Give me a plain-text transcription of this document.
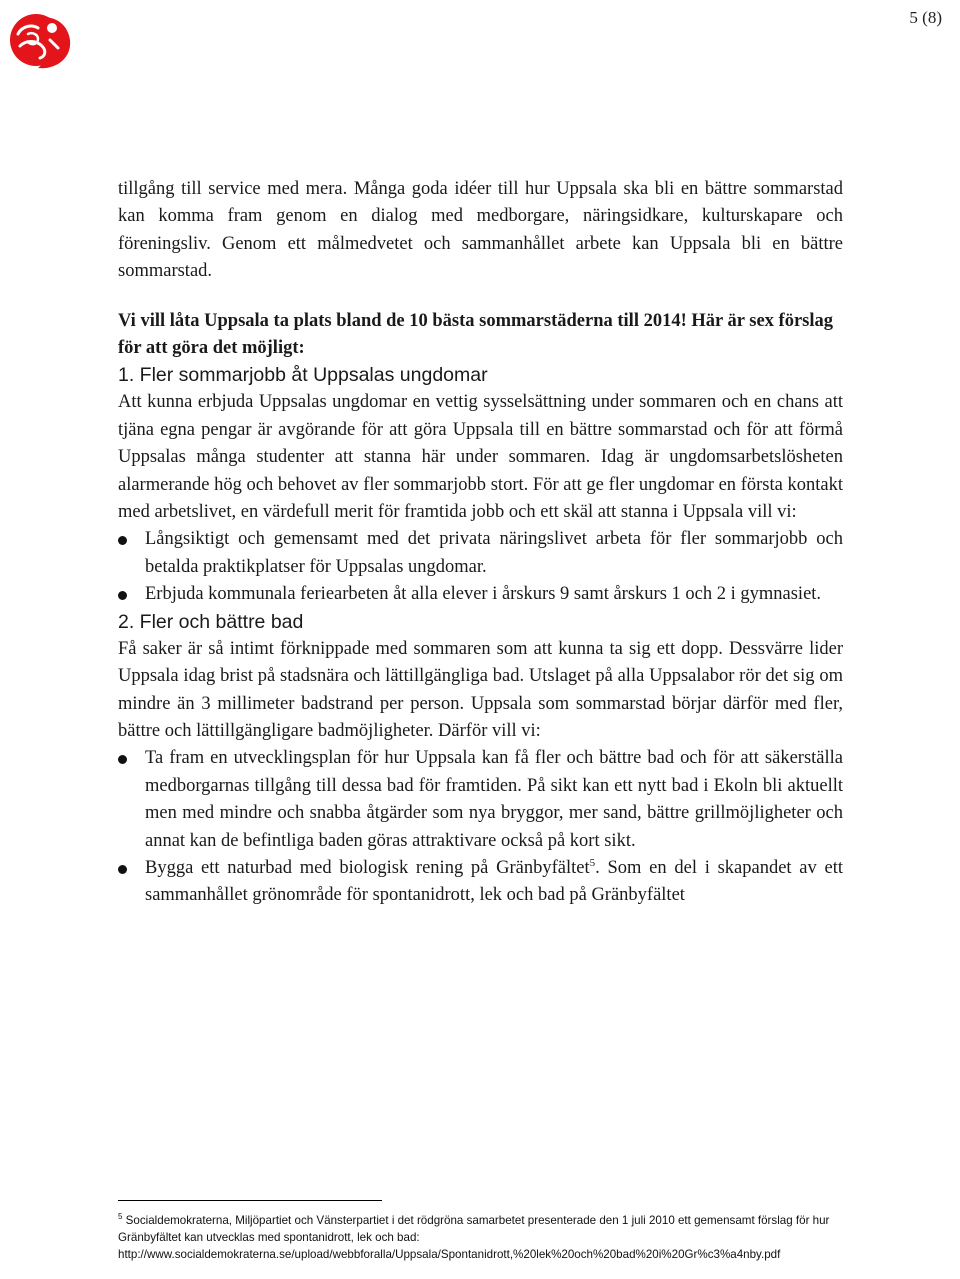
5 (8)

tillgång till service med mera. Många goda idéer till hur Uppsala ska bli en bättre sommarstad kan komma fram genom en dialog med medborgare, näringsidkare, kulturskapare och föreningsliv. Genom ett målmedvetet och sammanhållet arbete kan Uppsala bli en bättre sommarstad.

Vi vill låta Uppsala ta plats bland de 10 bästa sommarstäderna till 2014! Här är sex förslag för att göra det möjligt:

1. Fler sommarjobb åt Uppsalas ungdomar

Att kunna erbjuda Uppsalas ungdomar en vettig sysselsättning under sommaren och en chans att tjäna egna pengar är avgörande för att göra Uppsala till en bättre sommarstad och för att förmå Uppsalas många studenter att stanna här under sommaren. Idag är ungdomsarbetslösheten alarmerande hög och behovet av fler sommarjobb stort. För att ge fler ungdomar en första kontakt med arbetslivet, en värdefull merit för framtida jobb och ett skäl att stanna i Uppsala vill vi:

Långsiktigt och gemensamt med det privata näringslivet arbeta för fler sommarjobb och betalda praktikplatser för Uppsalas ungdomar.
Erbjuda kommunala feriearbeten åt alla elever i årskurs 9 samt årskurs 1 och 2 i gymnasiet.
2. Fler och bättre bad

Få saker är så intimt förknippade med sommaren som att kunna ta sig ett dopp. Dessvärre lider Uppsala idag brist på stadsnära och lättillgängliga bad. Utslaget på alla Uppsalabor rör det sig om mindre än 3 millimeter badstrand per person. Uppsala som sommarstad börjar därför med fler, bättre och lättillgängligare badmöjligheter. Därför vill vi:

Ta fram en utvecklingsplan för hur Uppsala kan få fler och bättre bad och för att säkerställa medborgarnas tillgång till dessa bad för framtiden. På sikt kan ett nytt bad i Ekoln bli aktuellt men med mindre och snabba åtgärder som nya bryggor, mer sand, bättre grillmöjligheter och annat kan de befintliga baden göras attraktivare också på kort sikt.
Bygga ett naturbad med biologisk rening på Gränbyfältet$^5$. Som en del i skapandet av ett sammanhållet grönområde för spontanidrott, lek och bad på Gränbyfältet
$^5$ Socialdemokraterna, Miljöpartiet och Vänsterpartiet i det rödgröna samarbetet presenterade den 1 juli 2010 ett gemensamt förslag för hur Gränbyfältet kan utvecklas med spontanidrott, lek och bad:
http://www.socialdemokraterna.se/upload/webbforalla/Uppsala/Spontanidrott,%20lek%20och%20bad%20i%20Gr%c3%a4nby.pdf
